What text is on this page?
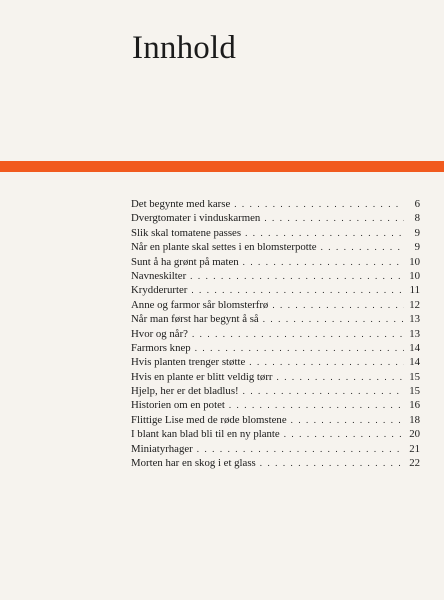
Innhold
Det begynte med karse . . .	6
Dvergtomater i vinduskarmen . . .	8
Slik skal tomatene passes . . .	9
Når en plante skal settes i en blomsterpotte . . .	9
Sunt å ha grønt på maten . . .	10
Navneskilter . . .	10
Krydderurter . . .	11
Anne og farmor sår blomsterfrø . . .	12
Når man først har begynt å så . . .	13
Hvor og når? . . .	13
Farmors knep . . .	14
Hvis planten trenger støtte . . .	14
Hvis en plante er blitt veldig tørr . . .	15
Hjelp, her er det bladlus! . . .	15
Historien om en potet . . .	16
Flittige Lise med de røde blomstene . . .	18
I blant kan blad bli til en ny plante . . .	20
Miniatyrhager . . .	21
Morten har en skog i et glass . . .	22
